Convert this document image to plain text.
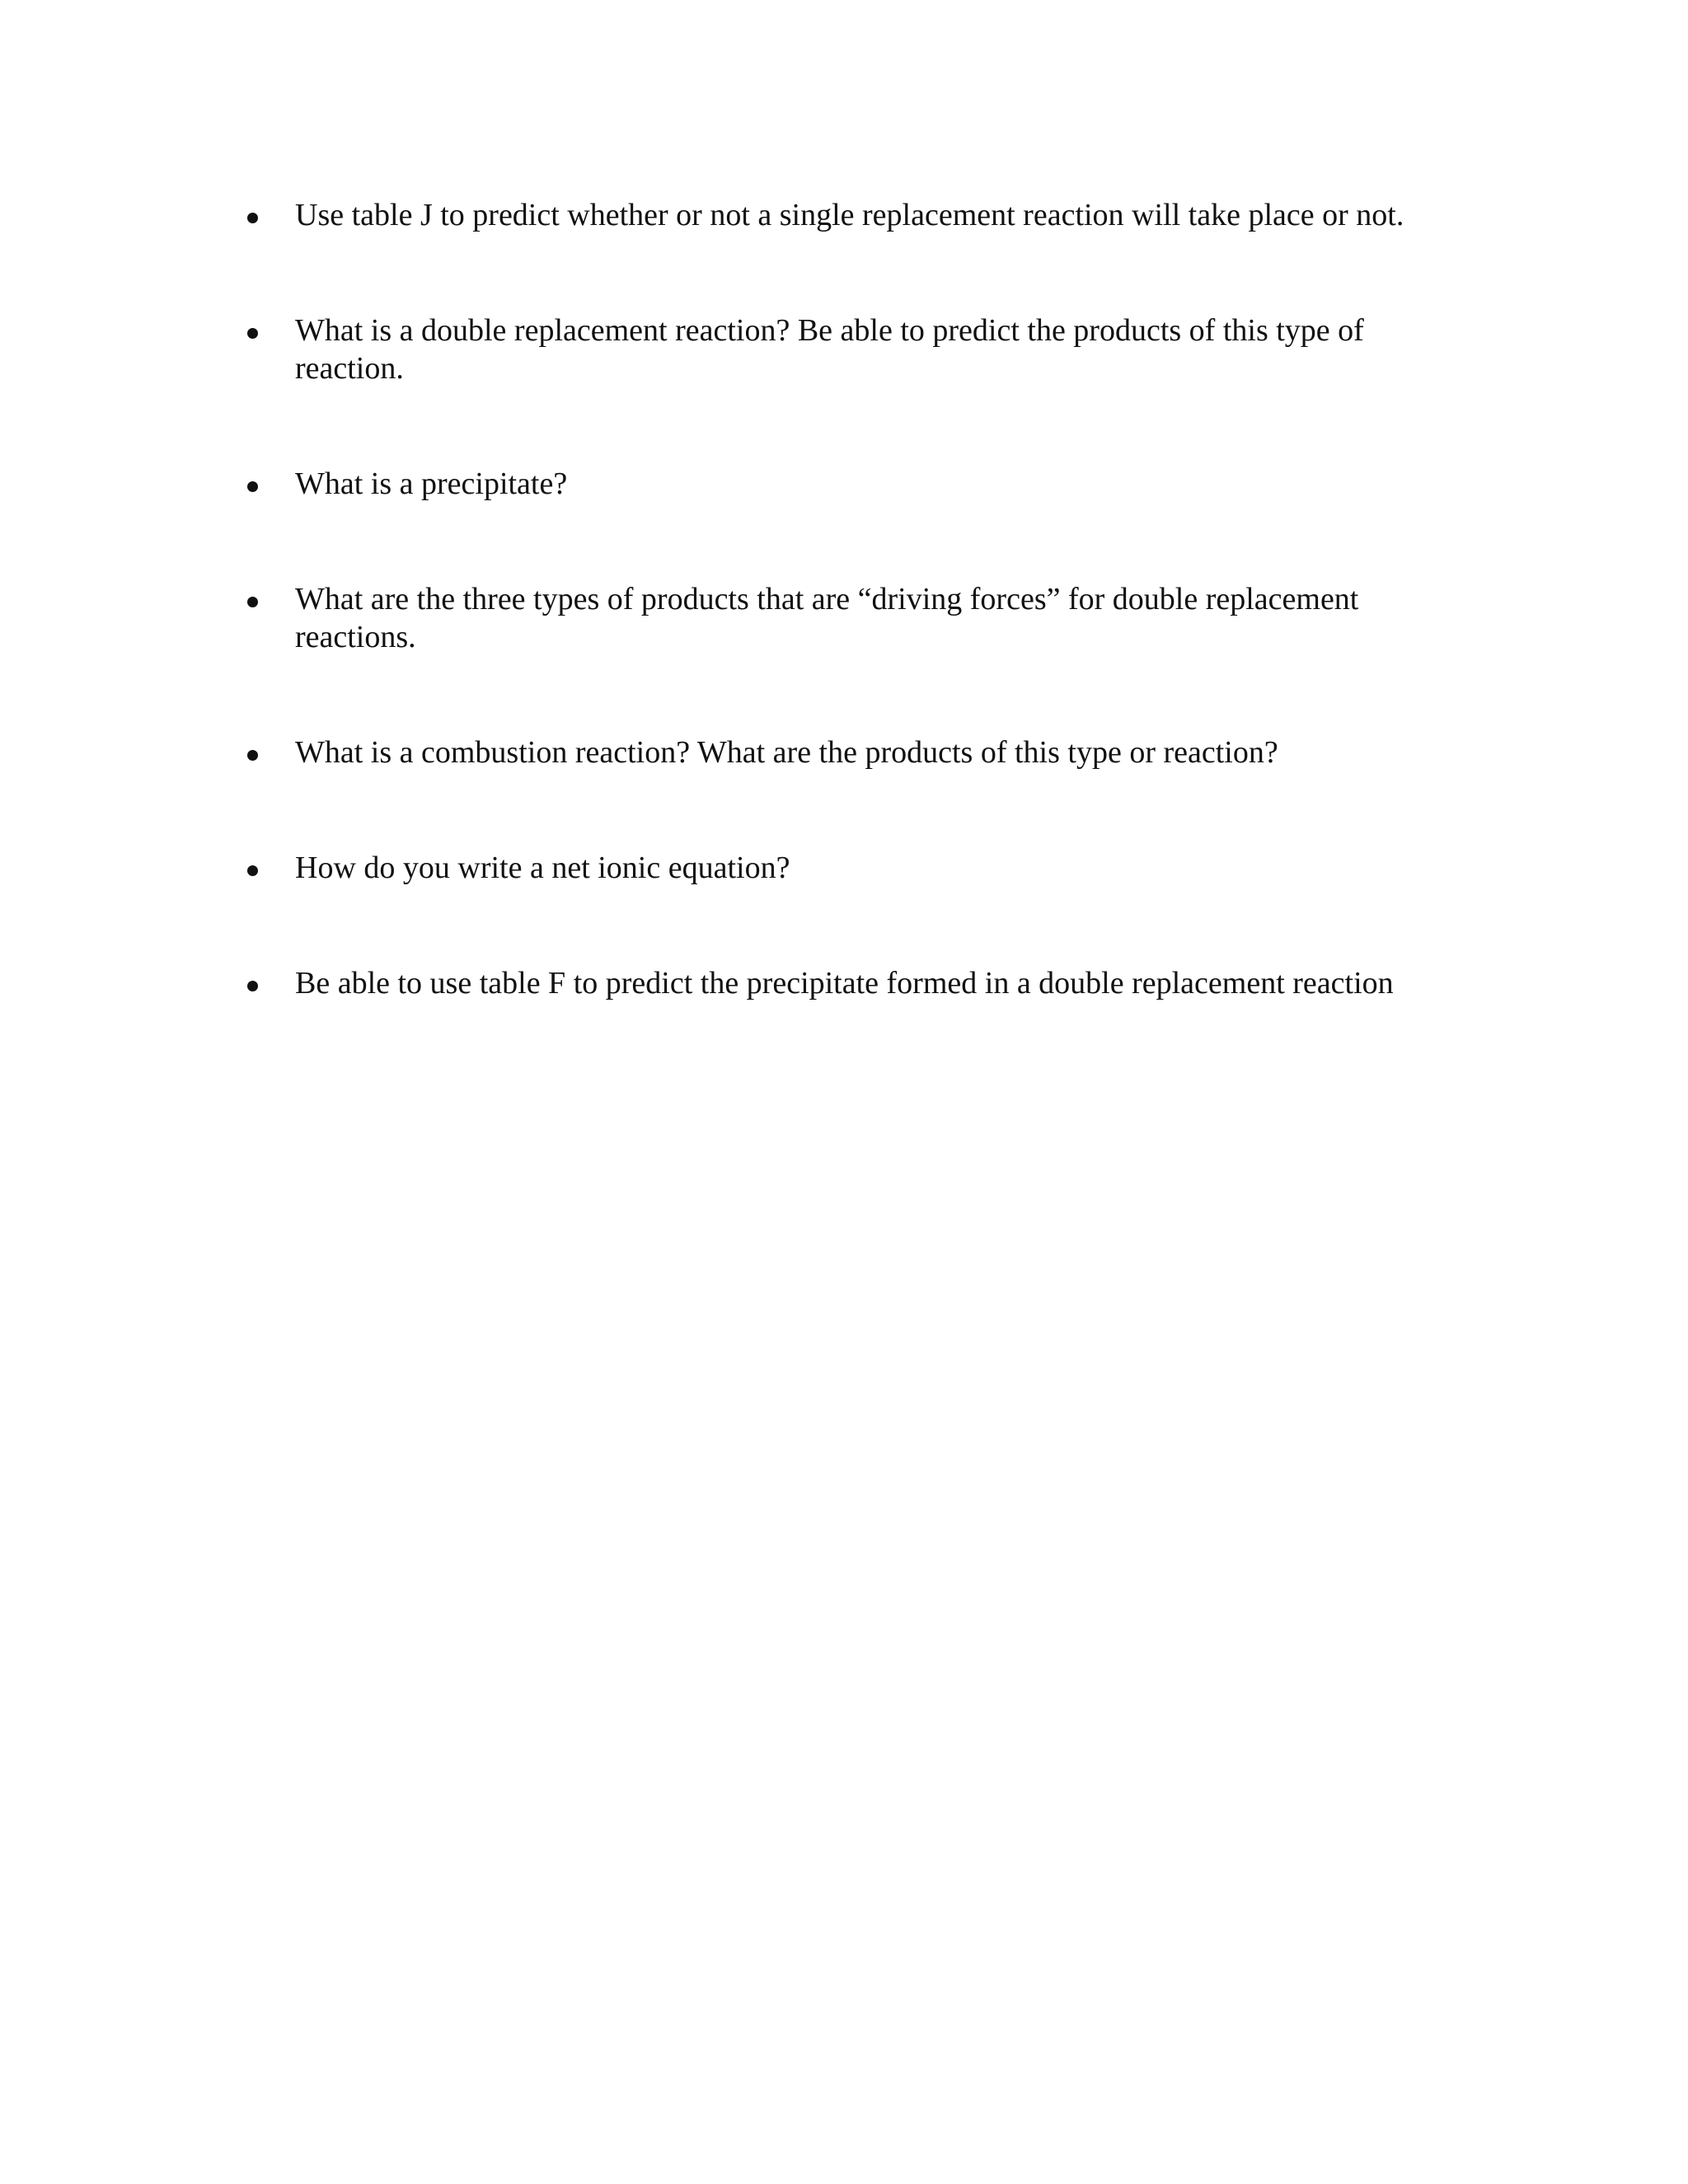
Use table J to predict whether or not a single replacement reaction will take place or not.
What is a double replacement reaction? Be able to predict the products of this type of reaction.
What is a precipitate?
What are the three types of products that are “driving forces” for double replacement reactions.
What is a combustion reaction? What are the products of this type or reaction?
How do you write a net ionic equation?
Be able to use table F to predict the precipitate formed in a double replacement reaction
